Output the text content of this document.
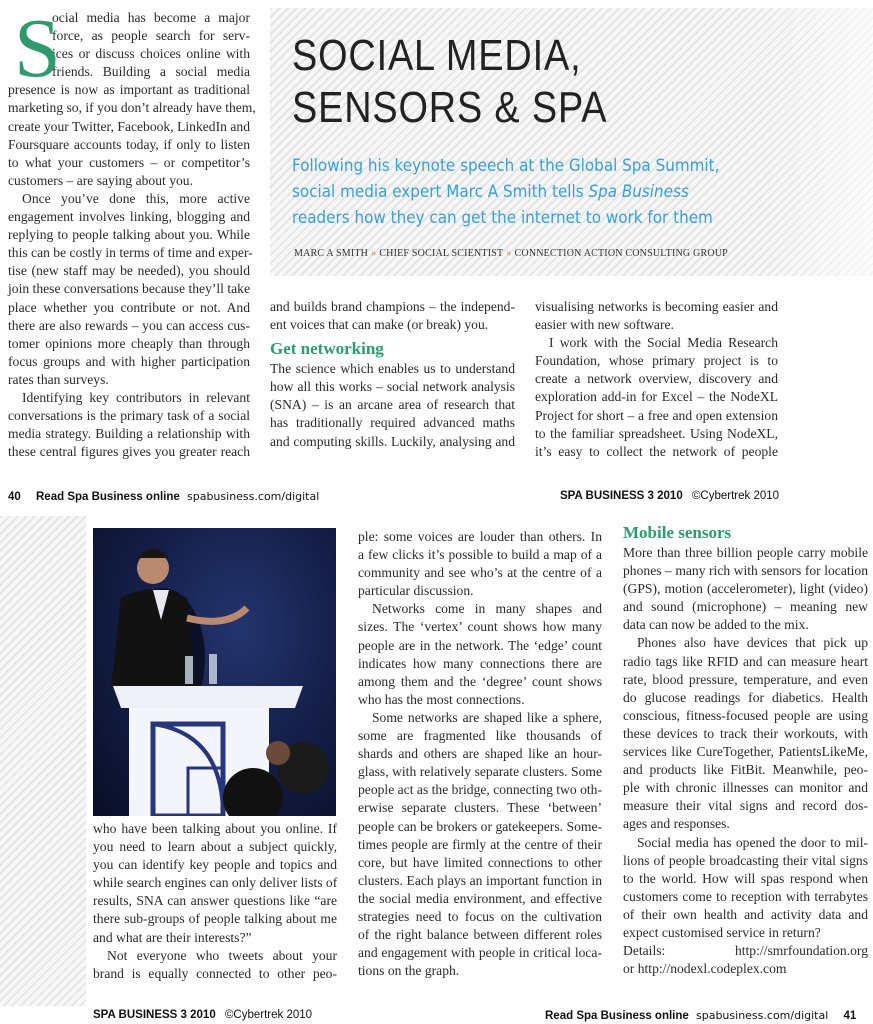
SOCIAL MEDIA,
SENSORS & SPA
Following his keynote speech at the Global Spa Summit,
social media expert Marc A Smith tells Spa Business
readers how they can get the internet to work for them
MARC A SMITH » CHIEF SOCIAL SCIENTIST » CONNECTION ACTION CONSULTING GROUP
S
ocial media has become a major
force, as people search for serv-
ices or discuss choices online with
friends. Building a social media
presence is now as important as traditional
marketing so, if you don’t already have them,
create your Twitter, Facebook, LinkedIn and
Foursquare accounts today, if only to listen
to what your customers – or competitor’s
customers – are saying about you.
Once you’ve done this, more active
engagement involves linking, blogging and
replying to people talking about you. While
this can be costly in terms of time and exper-
tise (new staff may be needed), you should
join these conversations because they’ll take
place whether you contribute or not. And
there are also rewards – you can access cus-
tomer opinions more cheaply than through
focus groups and with higher participation
rates than surveys.
Identifying key contributors in relevant
conversations is the primary task of a social
media strategy. Building a relationship with
these central figures gives you greater reach
and builds brand champions – the independ-
ent voices that can make (or break) you.
Get networking
The science which enables us to understand
how all this works – social network analysis
(SNA) – is an arcane area of research that
has traditionally required advanced maths
and computing skills. Luckily, analysing and
visualising networks is becoming easier and
easier with new software.
I work with the Social Media Research
Foundation, whose primary project is to
create a network overview, discovery and
exploration add-in for Excel – the NodeXL
Project for short – a free and open extension
to the familiar spreadsheet. Using NodeXL,
it’s easy to collect the network of people
who have been talking about you online. If
you need to learn about a subject quickly,
you can identify key people and topics and
while search engines can only deliver lists of
results, SNA can answer questions like “are
there sub-groups of people talking about me
and what are their interests?”
Not everyone who tweets about your
brand is equally connected to other peo-
ple: some voices are louder than others. In
a few clicks it’s possible to build a map of a
community and see who’s at the centre of a
particular discussion.
Networks come in many shapes and
sizes. The ‘vertex’ count shows how many
people are in the network. The ‘edge’ count
indicates how many connections there are
among them and the ‘degree’ count shows
who has the most connections.
Some networks are shaped like a sphere,
some are fragmented like thousands of
shards and others are shaped like an hour-
glass, with relatively separate clusters. Some
people act as the bridge, connecting two oth-
erwise separate clusters. These ‘between’
people can be brokers or gatekeepers. Some-
times people are firmly at the centre of their
core, but have limited connections to other
clusters. Each plays an important function in
the social media environment, and effective
strategies need to focus on the cultivation
of the right balance between different roles
and engagement with people in critical loca-
tions on the graph.
Mobile sensors
More than three billion people carry mobile
phones – many rich with sensors for location
(GPS), motion (accelerometer), light (video)
and sound (microphone) – meaning new
data can now be added to the mix.
Phones also have devices that pick up
radio tags like RFID and can measure heart
rate, blood pressure, temperature, and even
do glucose readings for diabetics. Health
conscious, fitness-focused people are using
these devices to track their workouts, with
services like CureTogether, PatientsLikeMe,
and products like FitBit. Meanwhile, peo-
ple with chronic illnesses can monitor and
measure their vital signs and record dos-
ages and responses.
Social media has opened the door to mil-
lions of people broadcasting their vital signs
to the world. How will spas respond when
customers come to reception with terrabytes
of their own health and activity data and
expect customised service in return?
Details: http://smrfoundation.org
or http://nodexl.codeplex.com
40 Read Spa Business online spabusiness.com/digital	SPA BUSINESS 3 2010 ©Cybertrek 2010
SPA BUSINESS 3 2010 ©Cybertrek 2010	Read Spa Business online spabusiness.com/digital 41
